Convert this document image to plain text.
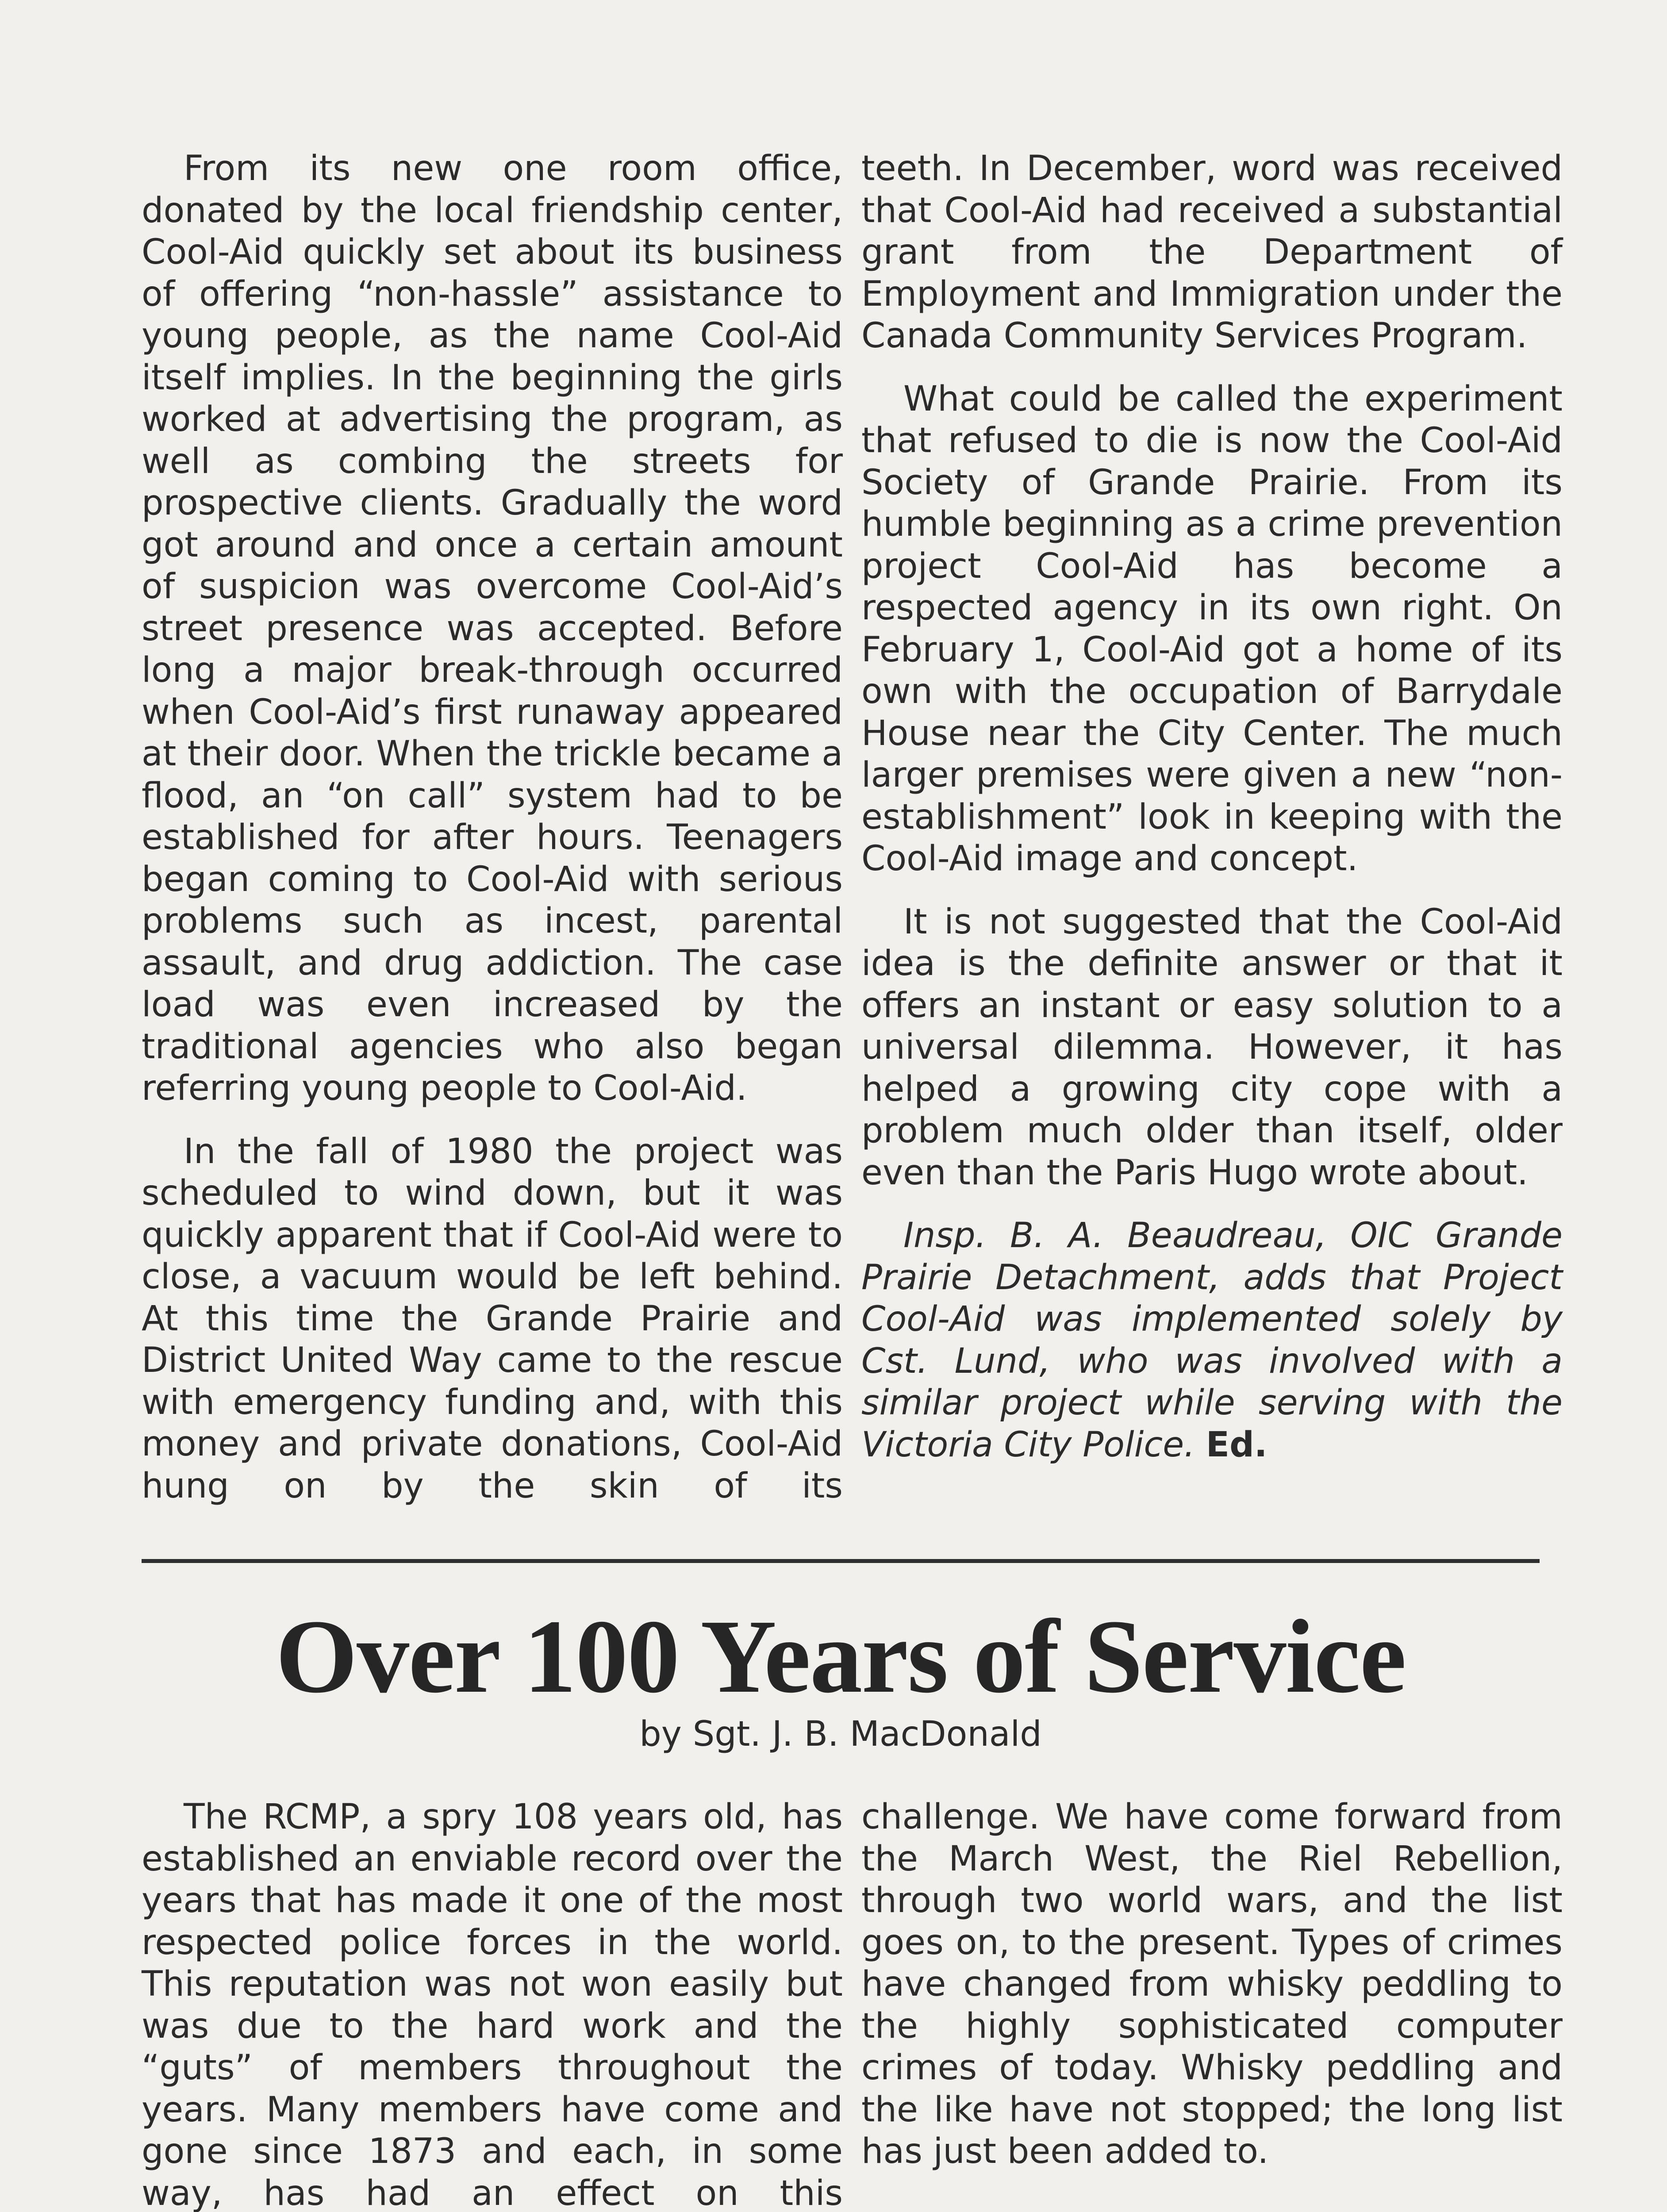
From its new one room office, donated by the local friendship center, Cool-Aid quickly set about its business of offering “non-hassle” assistance to young people, as the name Cool-Aid itself implies. In the beginning the girls worked at advertising the program, as well as combing the streets for prospective clients. Gradually the word got around and once a certain amount of suspicion was overcome Cool-Aid’s street presence was accepted. Before long a major break-through occurred when Cool-Aid’s first runaway appeared at their door. When the trickle became a flood, an “on call” system had to be established for after hours. Teenagers began coming to Cool-Aid with serious problems such as incest, parental assault, and drug addiction. The case load was even increased by the traditional agencies who also began referring young people to Cool-Aid.

In the fall of 1980 the project was scheduled to wind down, but it was quickly apparent that if Cool-Aid were to close, a vacuum would be left behind. At this time the Grande Prairie and District United Way came to the rescue with emergency funding and, with this money and private donations, Cool-Aid hung on by the skin of its

teeth. In December, word was received that Cool-Aid had received a substantial grant from the Department of Employment and Immigration under the Canada Community Services Program.

What could be called the experiment that refused to die is now the Cool-Aid Society of Grande Prairie. From its humble beginning as a crime prevention project Cool-Aid has become a respected agency in its own right. On February 1, Cool-Aid got a home of its own with the occupation of Barrydale House near the City Center. The much larger premises were given a new “non-establishment” look in keeping with the Cool-Aid image and concept.

It is not suggested that the Cool-Aid idea is the definite answer or that it offers an instant or easy solution to a universal dilemma. However, it has helped a growing city cope with a problem much older than itself, older even than the Paris Hugo wrote about.

Insp. B. A. Beaudreau, OIC Grande Prairie Detachment, adds that Project Cool-Aid was implemented solely by Cst. Lund, who was involved with a similar project while serving with the Victoria City Police. Ed.

Over 100 Years of Service
by Sgt. J. B. MacDonald

The RCMP, a spry 108 years old, has established an enviable record over the years that has made it one of the most respected police forces in the world. This reputation was not won easily but was due to the hard work and the “guts” of members throughout the years. Many members have come and gone since 1873 and each, in some way, has had an effect on this

challenge. We have come forward from the March West, the Riel Rebellion, through two world wars, and the list goes on, to the present. Types of crimes have changed from whisky peddling to the highly sophisticated computer crimes of today. Whisky peddling and the like have not stopped; the long list has just been added to.
